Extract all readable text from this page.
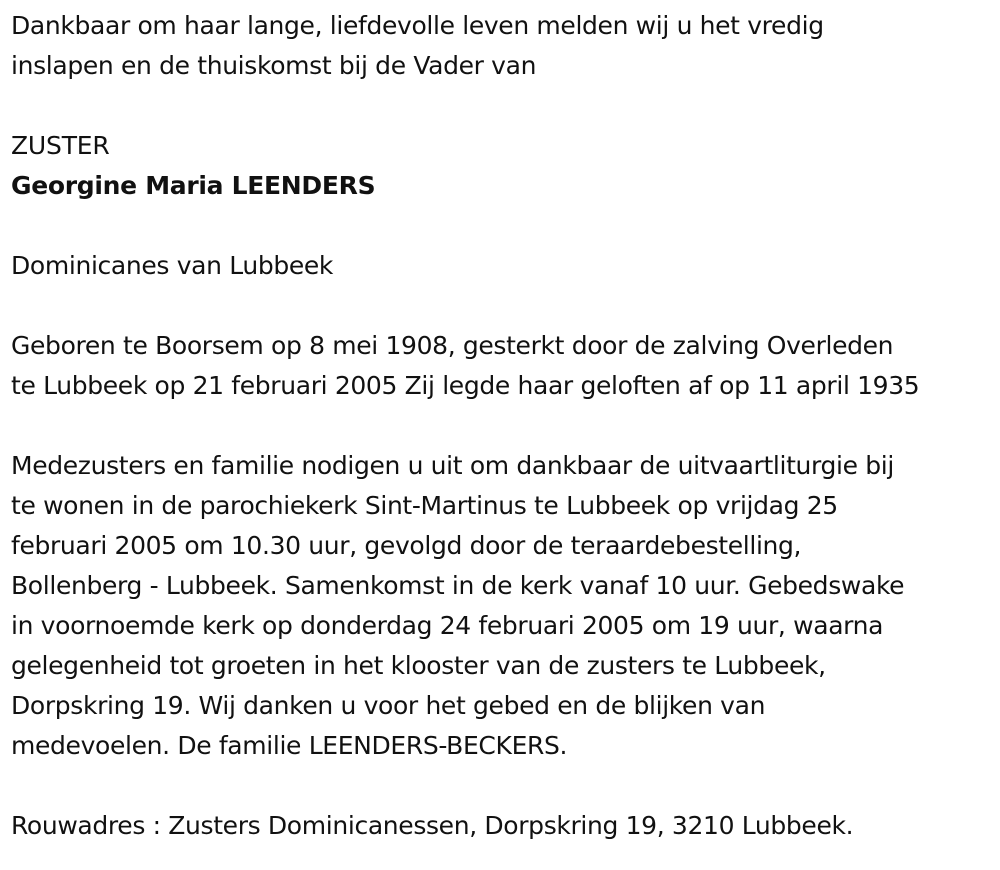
Dankbaar om haar lange, liefdevolle leven melden wij u het vredig

inslapen en de thuiskomst bij de Vader van

ZUSTER

Georgine Maria LEENDERS

Dominicanes van Lubbeek

Geboren te Boorsem op 8 mei 1908, gesterkt door de zalving Overleden

te Lubbeek op 21 februari 2005 Zij legde haar geloften af op 11 april 1935

Medezusters en familie nodigen u uit om dankbaar de uitvaartliturgie bij

te wonen in de parochiekerk Sint-Martinus te Lubbeek op vrijdag 25

februari 2005 om 10.30 uur, gevolgd door de teraardebestelling,

Bollenberg - Lubbeek. Samenkomst in de kerk vanaf 10 uur. Gebedswake

in voornoemde kerk op donderdag 24 februari 2005 om 19 uur, waarna

gelegenheid tot groeten in het klooster van de zusters te Lubbeek,

Dorpskring 19. Wij danken u voor het gebed en de blijken van

medevoelen. De familie LEENDERS-BECKERS.

Rouwadres : Zusters Dominicanessen, Dorpskring 19, 3210 Lubbeek.
